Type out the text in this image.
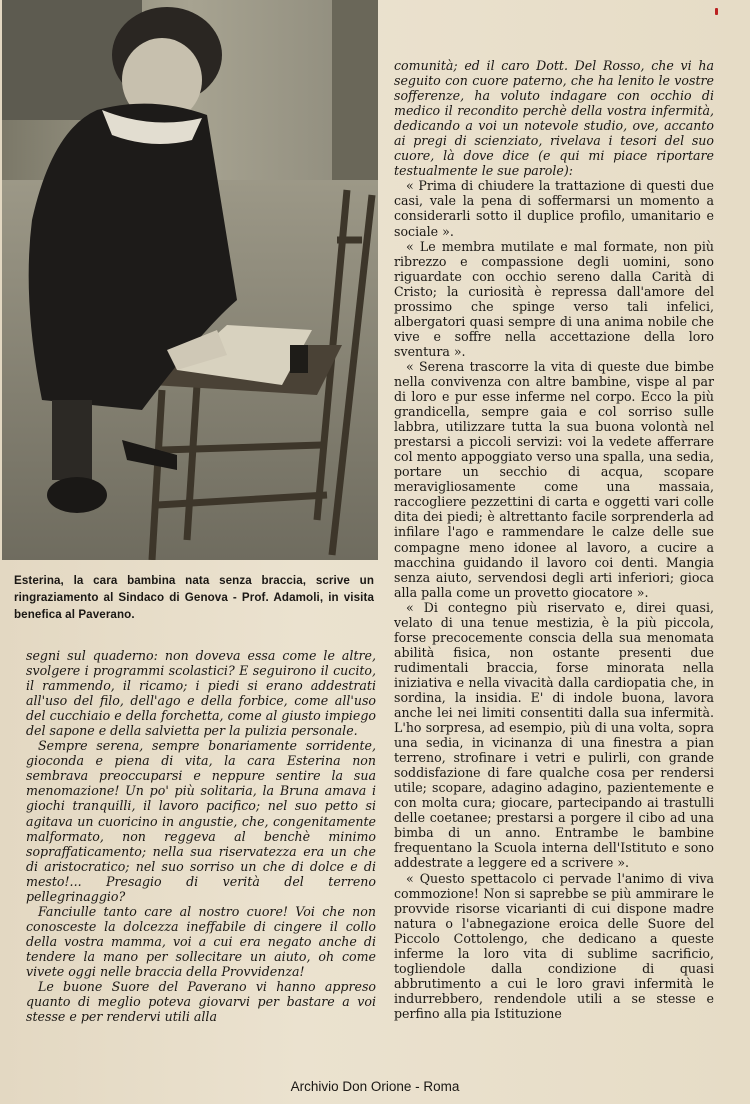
Esterina, la cara bambina nata senza braccia, scrive un ringraziamento al Sindaco di Genova - Prof. Adamoli, in visita benefica al Paverano.

segni sul quaderno: non doveva essa come le altre, svolgere i programmi scolastici? E seguirono il cucito, il rammendo, il ricamo; i piedi si erano addestrati all'uso del filo, dell'ago e della forbice, come all'uso del cucchiaio e della forchetta, come al giusto impiego del sapone e della salvietta per la pulizia personale.

Sempre serena, sempre bonariamente sorridente, gioconda e piena di vita, la cara Esterina non sembrava preoccuparsi e neppure sentire la sua menomazione! Un po' più solitaria, la Bruna amava i giochi tranquilli, il lavoro pacifico; nel suo petto si agitava un cuoricino in angustie, che, congenitamente malformato, non reggeva al benchè minimo sopraffaticamento; nella sua riservatezza era un che di aristocratico; nel suo sorriso un che di dolce e di mesto!... Presagio di verità del terreno pellegrinaggio?

Fanciulle tanto care al nostro cuore! Voi che non conosceste la dolcezza ineffabile di cingere il collo della vostra mamma, voi a cui era negato anche di tendere la mano per sollecitare un aiuto, oh come vivete oggi nelle braccia della Provvidenza!

Le buone Suore del Paverano vi hanno appreso quanto di meglio poteva giovarvi per bastare a voi stesse e per rendervi utili alla

comunità; ed il caro Dott. Del Rosso, che vi ha seguito con cuore paterno, che ha lenito le vostre sofferenze, ha voluto indagare con occhio di medico il recondito perchè della vostra infermità, dedicando a voi un notevole studio, ove, accanto ai pregi di scienziato, rivelava i tesori del suo cuore, là dove dice (e qui mi piace riportare testualmente le sue parole):

« Prima di chiudere la trattazione di questi due casi, vale la pena di soffermarsi un momento a considerarli sotto il duplice profilo, umanitario e sociale ».

« Le membra mutilate e mal formate, non più ribrezzo e compassione degli uomini, sono riguardate con occhio sereno dalla Carità di Cristo; la curiosità è repressa dall'amore del prossimo che spinge verso tali infelici, albergatori quasi sempre di una anima nobile che vive e soffre nella accettazione della loro sventura ».

« Serena trascorre la vita di queste due bimbe nella convivenza con altre bambine, vispe al par di loro e pur esse inferme nel corpo. Ecco la più grandicella, sempre gaia e col sorriso sulle labbra, utilizzare tutta la sua buona volontà nel prestarsi a piccoli servizi: voi la vedete afferrare col mento appoggiato verso una spalla, una sedia, portare un secchio di acqua, scopare meravigliosamente come una massaia, raccogliere pezzettini di carta e oggetti vari colle dita dei piedi; è altrettanto facile sorprenderla ad infilare l'ago e rammendare le calze delle sue compagne meno idonee al lavoro, a cucire a macchina guidando il lavoro coi denti. Mangia senza aiuto, servendosi degli arti inferiori; gioca alla palla come un provetto giocatore ».

« Di contegno più riservato e, direi quasi, velato di una tenue mestizia, è la più piccola, forse precocemente conscia della sua menomata abilità fisica, non ostante presenti due rudimentali braccia, forse minorata nella iniziativa e nella vivacità dalla cardiopatia che, in sordina, la insidia. E' di indole buona, lavora anche lei nei limiti consentiti dalla sua infermità. L'ho sorpresa, ad esempio, più di una volta, sopra una sedia, in vicinanza di una finestra a pian terreno, strofinare i vetri e pulirli, con grande soddisfazione di fare qualche cosa per rendersi utile; scopare, adagino adagino, pazientemente e con molta cura; giocare, partecipando ai trastulli delle coetanee; prestarsi a porgere il cibo ad una bimba di un anno. Entrambe le bambine frequentano la Scuola interna dell'Istituto e sono addestrate a leggere ed a scrivere ».

« Questo spettacolo ci pervade l'animo di viva commozione! Non si saprebbe se più ammirare le provvide risorse vicarianti di cui dispone madre natura o l'abnegazione eroica delle Suore del Piccolo Cottolengo, che dedicano a queste inferme la loro vita di sublime sacrificio, togliendole dalla condizione di quasi abbrutimento a cui le loro gravi infermità le indurrebbero, rendendole utili a se stesse e perfino alla pia Istituzione

Archivio Don Orione - Roma
